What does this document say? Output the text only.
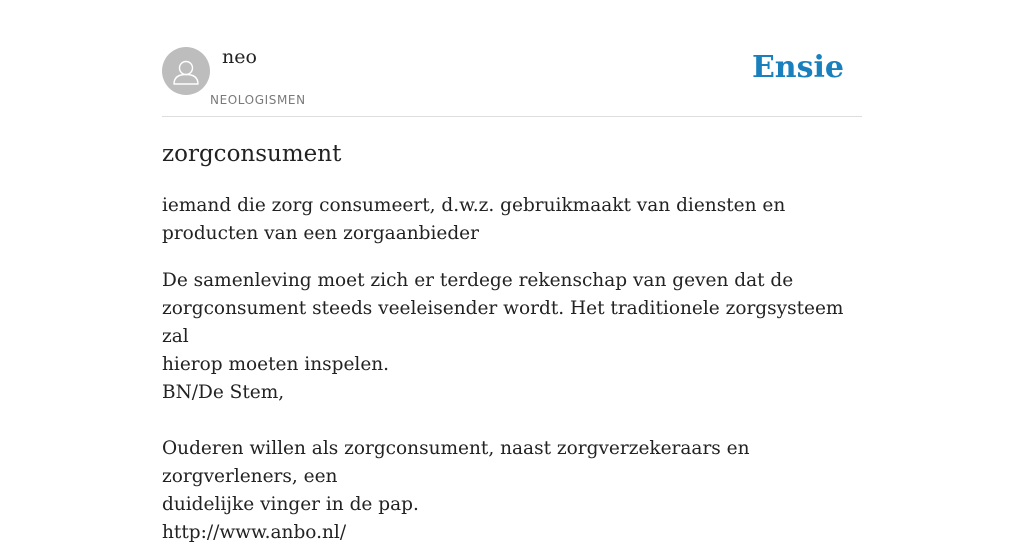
neo
NEOLOGISMEN
Ensie
zorgconsument

iemand die zorg consumeert, d.w.z. gebruikmaakt van diensten en producten van een zorgaanbieder

De samenleving moet zich er terdege rekenschap van geven dat de
zorgconsument steeds veeleisender wordt. Het traditionele zorgsysteem zal
hierop moeten inspelen.
BN/De Stem,
Ouderen willen als zorgconsument, naast zorgverzekeraars en zorgverleners, een
duidelijke vinger in de pap.
http://www.anbo.nl/
